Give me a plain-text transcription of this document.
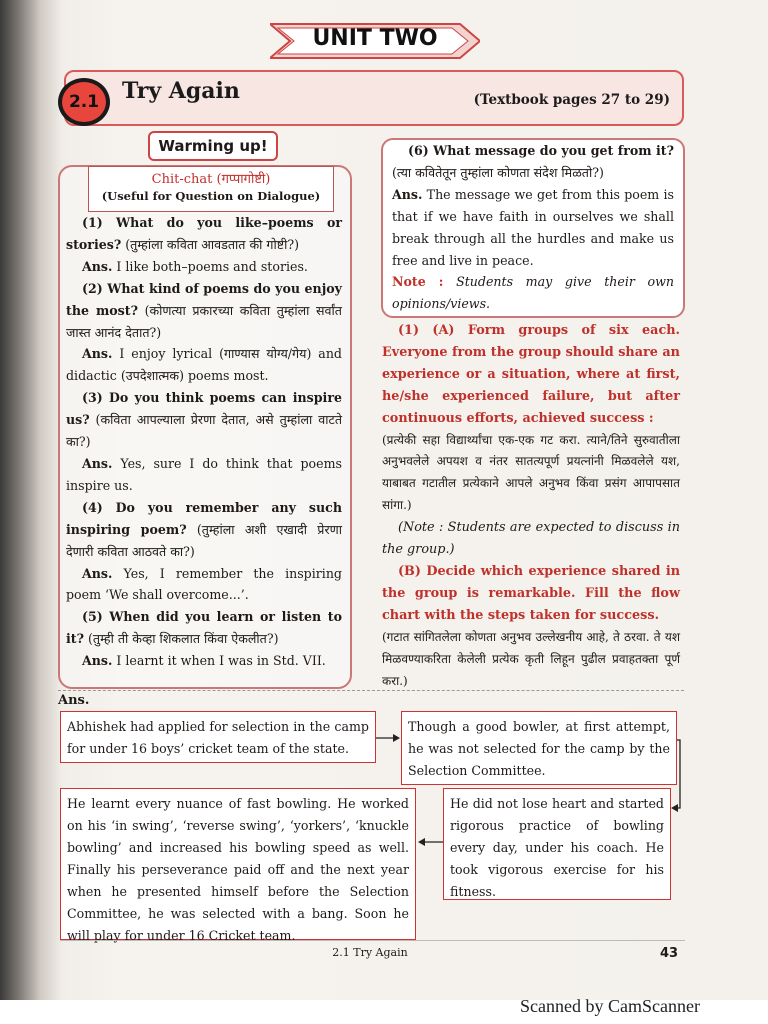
UNIT TWO
2.1	Try Again	(Textbook pages 27 to 29)
Warming up!
Chit-chat (गप्पागोष्टी)
(Useful for Question on Dialogue)

(1) What do you like–poems or stories? (तुम्हांला कविता आवडतात की गोष्टी?)

Ans. I like both–poems and stories.

(2) What kind of poems do you enjoy the most? (कोणत्या प्रकारच्या कविता तुम्हांला सर्वांत जास्त आनंद देतात?)

Ans. I enjoy lyrical (गाण्यास योग्य/गेय) and didactic (उपदेशात्मक) poems most.

(3) Do you think poems can inspire us? (कविता आपल्याला प्रेरणा देतात, असे तुम्हांला वाटते का?)

Ans. Yes, sure I do think that poems inspire us.

(4) Do you remember any such inspiring poem? (तुम्हांला अशी एखादी प्रेरणा देणारी कविता आठवते का?)

Ans. Yes, I remember the inspiring poem ‘We shall overcome...’.

(5) When did you learn or listen to it? (तुम्ही ती केव्हा शिकलात किंवा ऐकलीत?)

Ans. I learnt it when I was in Std. VII.

(6) What message do you get from it? (त्या कवितेतून तुम्हांला कोणता संदेश मिळतो?)

Ans. The message we get from this poem is that if we have faith in ourselves we shall break through all the hurdles and make us free and live in peace.

Note : Students may give their own opinions/views.

(1) (A) Form groups of six each. Everyone from the group should share an experience or a situation, where at first, he/she experienced failure, but after continuous efforts, achieved success :

(प्रत्येकी सहा विद्यार्थ्यांचा एक-एक गट करा. त्याने/तिने सुरुवातीला अनुभवलेले अपयश व नंतर सातत्यपूर्ण प्रयत्नांनी मिळवलेले यश, याबाबत गटातील प्रत्येकाने आपले अनुभव किंवा प्रसंग आपापसात सांगा.)

(Note : Students are expected to discuss in the group.)

(B) Decide which experience shared in the group is remarkable. Fill the flow chart with the steps taken for success.

(गटात सांगितलेला कोणता अनुभव उल्लेखनीय आहे, ते ठरवा. ते यश मिळवण्याकरिता केलेली प्रत्येक कृती लिहून पुढील प्रवाहतक्ता पूर्ण करा.)

Ans.
Abhishek had applied for selection in the camp for under 16 boys’ cricket team of the state.
Though a good bowler, at first attempt, he was not selected for the camp by the Selection Committee.
He did not lose heart and started rigorous practice of bowling every day, under his coach. He took vigorous exercise for his fitness.
He learnt every nuance of fast bowling. He worked on his ‘in swing’, ‘reverse swing’, ‘yorkers’, ‘knuckle bowling’ and increased his bowling speed as well. Finally his perseverance paid off and the next year when he presented himself before the Selection Committee, he was selected with a bang. Soon he will play for under 16 Cricket team.
2.1 Try Again	43
Scanned by CamScanner
